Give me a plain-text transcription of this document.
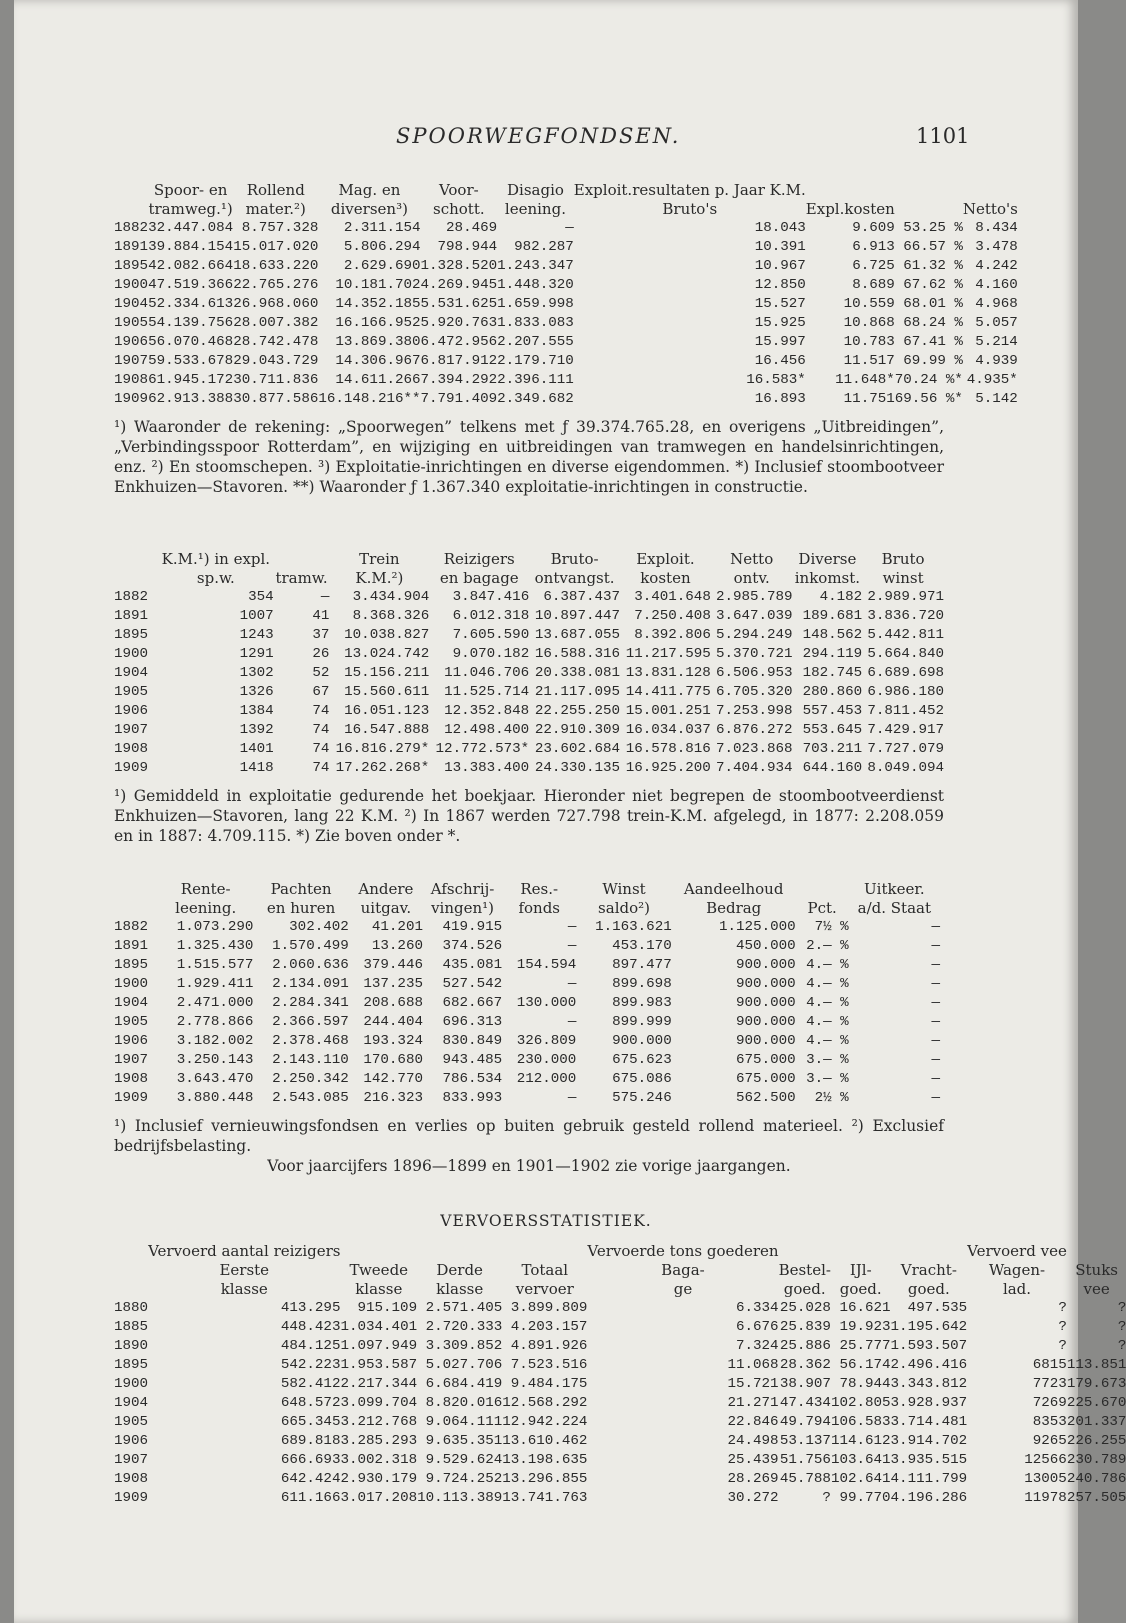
SPOORWEGFONDSEN.	1101
	Spoor- en	Rollend	Mag. en	Voor-	Disagio	Exploit.resultaten p. Jaar K.M.			
	tramweg.¹)	mater.²)	diversen³)	schott.	leening.	Bruto's	Expl.kosten		Netto's
1882	32.447.084	8.757.328	2.311.154	28.469	—	18.043	9.609	53.25 %	8.434
1891	39.884.154	15.017.020	5.806.294	798.944	982.287	10.391	6.913	66.57 %	3.478
1895	42.082.664	18.633.220	2.629.690	1.328.520	1.243.347	10.967	6.725	61.32 %	4.242
1900	47.519.366	22.765.276	10.181.702	4.269.945	1.448.320	12.850	8.689	67.62 %	4.160
1904	52.334.613	26.968.060	14.352.185	5.531.625	1.659.998	15.527	10.559	68.01 %	4.968
1905	54.139.756	28.007.382	16.166.952	5.920.763	1.833.083	15.925	10.868	68.24 %	5.057
1906	56.070.468	28.742.478	13.869.380	6.472.956	2.207.555	15.997	10.783	67.41 %	5.214
1907	59.533.678	29.043.729	14.306.967	6.817.912	2.179.710	16.456	11.517	69.99 %	4.939
1908	61.945.172	30.711.836	14.611.266	7.394.292	2.396.111	16.583*	11.648*	70.24 %*	4.935*
1909	62.913.388	30.877.586	16.148.216**	7.791.409	2.349.682	16.893	11.751	69.56 %*	5.142

¹) Waaronder de rekening: „Spoorwegen” telkens met ƒ 39.374.765.28, en overigens „Uitbreidingen”, „Verbindingsspoor Rotterdam”, en wijziging en uitbreidingen van tramwegen en handelsinrichtingen, enz. ²) En stoomschepen. ³) Exploitatie-inrichtingen en diverse eigendommen. *) Inclusief stoombootveer Enkhuizen—Stavoren. **) Waaronder ƒ 1.367.340 exploitatie-inrichtingen in constructie.

	K.M.¹) in expl.		Trein	Reizigers	Bruto-	Exploit.	Netto	Diverse	Bruto
	sp.w.	tramw.	K.M.²)	en bagage	ontvangst.	kosten	ontv.	inkomst.	winst
1882	354	—	3.434.904	3.847.416	6.387.437	3.401.648	2.985.789	4.182	2.989.971
1891	1007	41	8.368.326	6.012.318	10.897.447	7.250.408	3.647.039	189.681	3.836.720
1895	1243	37	10.038.827	7.605.590	13.687.055	8.392.806	5.294.249	148.562	5.442.811
1900	1291	26	13.024.742	9.070.182	16.588.316	11.217.595	5.370.721	294.119	5.664.840
1904	1302	52	15.156.211	11.046.706	20.338.081	13.831.128	6.506.953	182.745	6.689.698
1905	1326	67	15.560.611	11.525.714	21.117.095	14.411.775	6.705.320	280.860	6.986.180
1906	1384	74	16.051.123	12.352.848	22.255.250	15.001.251	7.253.998	557.453	7.811.452
1907	1392	74	16.547.888	12.498.400	22.910.309	16.034.037	6.876.272	553.645	7.429.917
1908	1401	74	16.816.279*	12.772.573*	23.602.684	16.578.816	7.023.868	703.211	7.727.079
1909	1418	74	17.262.268*	13.383.400	24.330.135	16.925.200	7.404.934	644.160	8.049.094

¹) Gemiddeld in exploitatie gedurende het boekjaar. Hieronder niet begrepen de stoombootveerdienst Enkhuizen—Stavoren, lang 22 K.M. ²) In 1867 werden 727.798 trein-K.M. afgelegd, in 1877: 2.208.059 en in 1887: 4.709.115. *) Zie boven onder *.

	Rente-	Pachten	Andere	Afschrij-	Res.-	Winst	Aandeelhoud		Uitkeer.
	leening.	en huren	uitgav.	vingen¹)	fonds	saldo²)	Bedrag	Pct.	a/d. Staat
1882	1.073.290	302.402	41.201	419.915	—	1.163.621	1.125.000	7½ %	—
1891	1.325.430	1.570.499	13.260	374.526	—	453.170	450.000	2.— %	—
1895	1.515.577	2.060.636	379.446	435.081	154.594	897.477	900.000	4.— %	—
1900	1.929.411	2.134.091	137.235	527.542	—	899.698	900.000	4.— %	—
1904	2.471.000	2.284.341	208.688	682.667	130.000	899.983	900.000	4.— %	—
1905	2.778.866	2.366.597	244.404	696.313	—	899.999	900.000	4.— %	—
1906	3.182.002	2.378.468	193.324	830.849	326.809	900.000	900.000	4.— %	—
1907	3.250.143	2.143.110	170.680	943.485	230.000	675.623	675.000	3.— %	—
1908	3.643.470	2.250.342	142.770	786.534	212.000	675.086	675.000	3.— %	—
1909	3.880.448	2.543.085	216.323	833.993	—	575.246	562.500	2½ %	—

¹) Inclusief vernieuwingsfondsen en verlies op buiten gebruik gesteld rollend materieel. ²) Exclusief bedrijfsbelasting.

Voor jaarcijfers 1896—1899 en 1901—1902 zie vorige jaargangen.

VERVOERSSTATISTIEK.
	Vervoerd aantal reizigers				Vervoerde tons goederen				Vervoerd vee	
	Eerste	Tweede	Derde	Totaal	Baga-	Bestel-	IJl-	Vracht-	Wagen-	Stuks
	klasse	klasse	klasse	vervoer	ge	goed.	goed.	goed.	lad.	vee
1880	413.295	915.109	2.571.405	3.899.809	6.334	25.028	16.621	497.535	?	?
1885	448.423	1.034.401	2.720.333	4.203.157	6.676	25.839	19.923	1.195.642	?	?
1890	484.125	1.097.949	3.309.852	4.891.926	7.324	25.886	25.777	1.593.507	?	?
1895	542.223	1.953.587	5.027.706	7.523.516	11.068	28.362	56.174	2.496.416	6815	113.851
1900	582.412	2.217.344	6.684.419	9.484.175	15.721	38.907	78.944	3.343.812	7723	179.673
1904	648.572	3.099.704	8.820.016	12.568.292	21.271	47.434	102.805	3.928.937	7269	225.670
1905	665.345	3.212.768	9.064.111	12.942.224	22.846	49.794	106.583	3.714.481	8353	201.337
1906	689.818	3.285.293	9.635.351	13.610.462	24.498	53.137	114.612	3.914.702	9265	226.255
1907	666.693	3.002.318	9.529.624	13.198.635	25.439	51.756	103.641	3.935.515	12566	230.789
1908	642.424	2.930.179	9.724.252	13.296.855	28.269	45.788	102.641	4.111.799	13005	240.786
1909	611.166	3.017.208	10.113.389	13.741.763	30.272	?	99.770	4.196.286	11978	257.505
